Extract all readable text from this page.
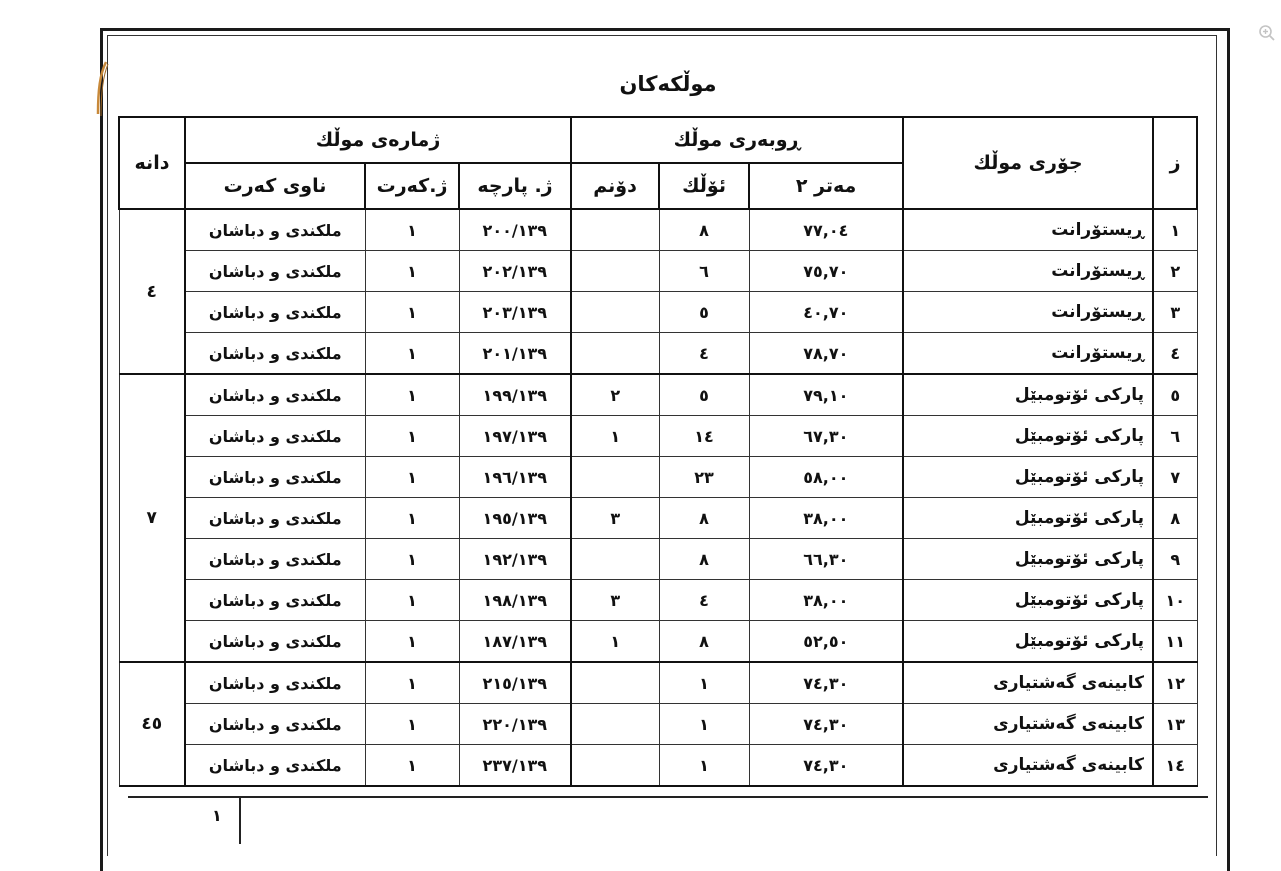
موڵکەکان
ز	جۆری موڵك	ڕوبەری موڵك			ژمارەی موڵك			دانە
		مەتر ٢	ئۆڵك	دۆنم	ژ. پارچە	ژ.کەرت	ناوی کەرت	
١	ڕیستۆرانت	٧٧,٠٤	٨		٢٠٠/١٣٩	١	ملکندی و دباشان	٤
٢	ڕیستۆرانت	٧٥,٧٠	٦		٢٠٢/١٣٩	١	ملکندی و دباشان	
٣	ڕیستۆرانت	٤٠,٧٠	٥		٢٠٣/١٣٩	١	ملکندی و دباشان	
٤	ڕیستۆرانت	٧٨,٧٠	٤		٢٠١/١٣٩	١	ملکندی و دباشان	
٥	پارکی ئۆتومبێل	٧٩,١٠	٥	٢	١٩٩/١٣٩	١	ملکندی و دباشان	٧
٦	پارکی ئۆتومبێل	٦٧,٣٠	١٤	١	١٩٧/١٣٩	١	ملکندی و دباشان	
٧	پارکی ئۆتومبێل	٥٨,٠٠	٢٣		١٩٦/١٣٩	١	ملکندی و دباشان	
٨	پارکی ئۆتومبێل	٣٨,٠٠	٨	٣	١٩٥/١٣٩	١	ملکندی و دباشان	
٩	پارکی ئۆتومبێل	٦٦,٣٠	٨		١٩٢/١٣٩	١	ملکندی و دباشان	
١٠	پارکی ئۆتومبێل	٣٨,٠٠	٤	٣	١٩٨/١٣٩	١	ملکندی و دباشان	
١١	پارکی ئۆتومبێل	٥٢,٥٠	٨	١	١٨٧/١٣٩	١	ملکندی و دباشان	
١٢	کابینەی گەشتیاری	٧٤,٣٠	١		٢١٥/١٣٩	١	ملکندی و دباشان	٤٥
١٣	کابینەی گەشتیاری	٧٤,٣٠	١		٢٢٠/١٣٩	١	ملکندی و دباشان	
١٤	کابینەی گەشتیاری	٧٤,٣٠	١		٢٣٧/١٣٩	١	ملکندی و دباشان	
١
